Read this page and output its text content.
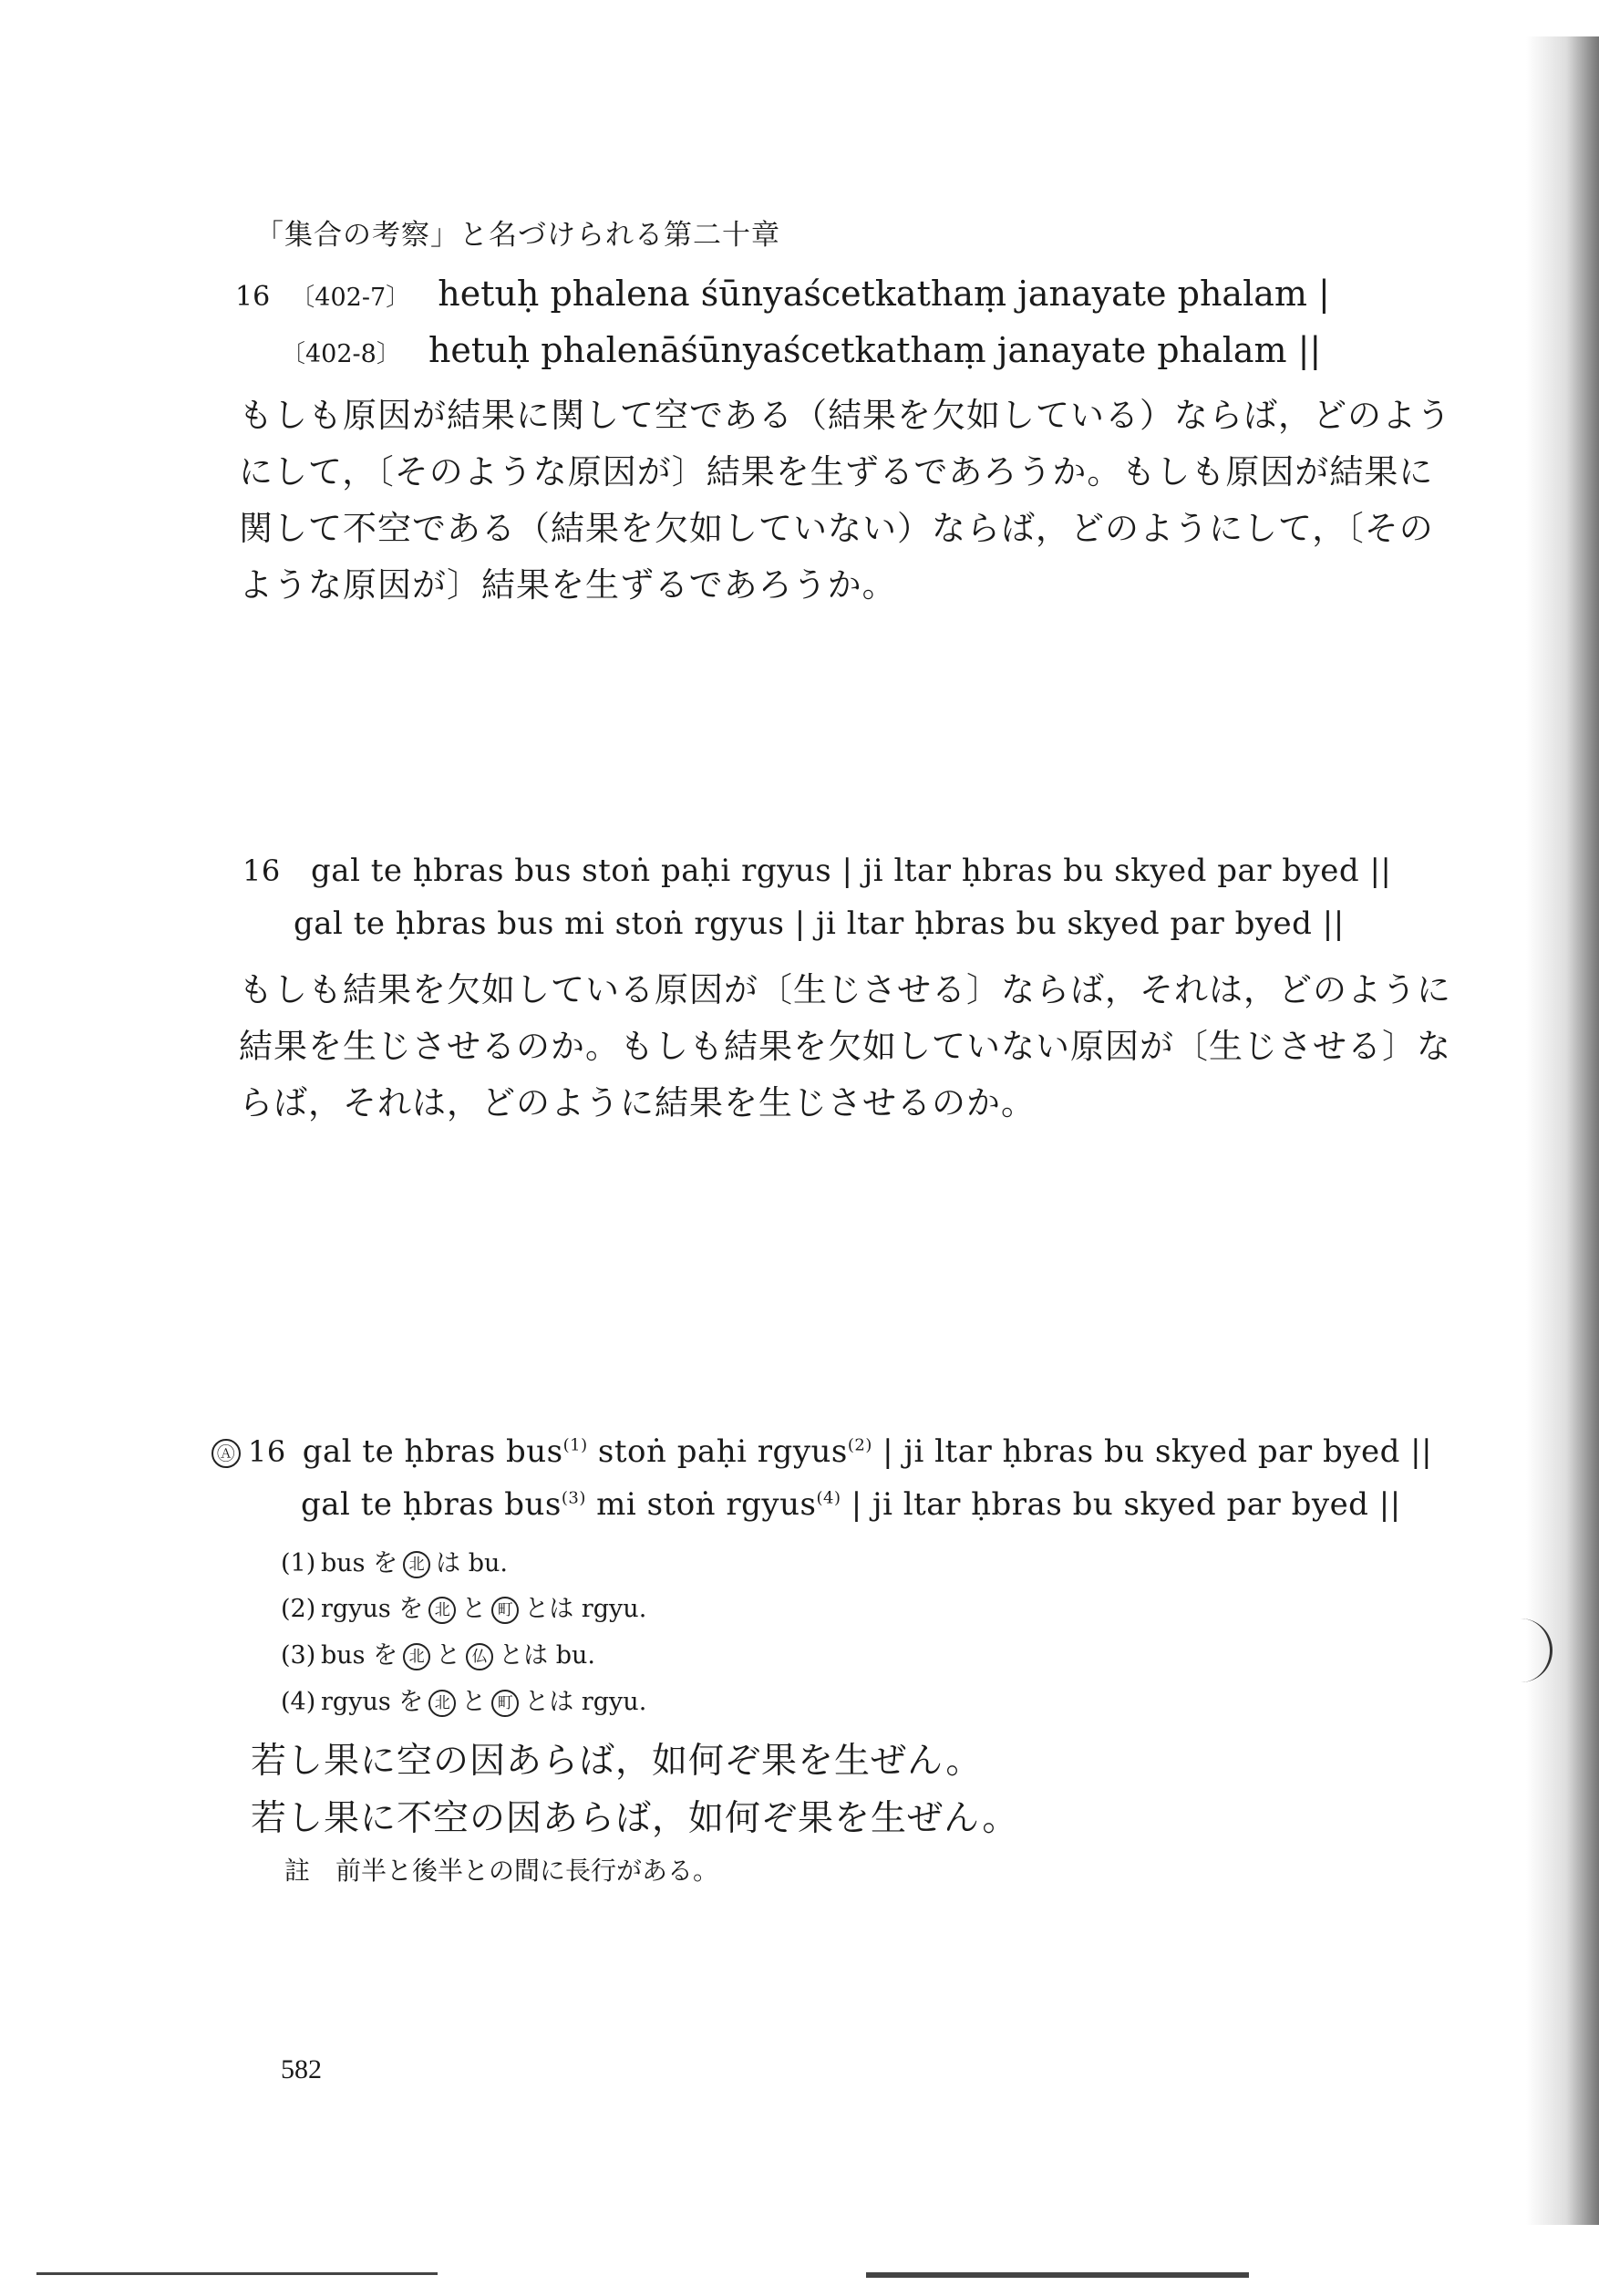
「集合の考察」と名づけられる第二十章
16 〔402-7〕 hetuḥ phalena śūnyaścetkathaṃ janayate phalam |
〔402-8〕 hetuḥ phalenāśūnyaścetkathaṃ janayate phalam ||
もしも原因が結果に関して空である（結果を欠如している）ならば，どのようにして，〔そのような原因が〕結果を生ずるであろうか。もしも原因が結果に関して不空である（結果を欠如していない）ならば，どのようにして，〔そのような原因が〕結果を生ずるであろうか。
16 gal te ḥbras bus stoṅ paḥi rgyus | ji ltar ḥbras bu skyed par byed ||
gal te ḥbras bus mi stoṅ rgyus | ji ltar ḥbras bu skyed par byed ||
もしも結果を欠如している原因が〔生じさせる〕ならば，それは，どのように結果を生じさせるのか。もしも結果を欠如していない原因が〔生じさせる〕ならば，それは，どのように結果を生じさせるのか。
Ⓐ 16 gal te ḥbras bus$^{(1)}$ stoṅ paḥi rgyus$^{(2)}$ | ji ltar ḥbras bu skyed par byed ||
gal te ḥbras bus$^{(3)}$ mi stoṅ rgyus$^{(4)}$ | ji ltar ḥbras bu skyed par byed ||
(1) bus を 北 は bu.
(2) rgyus を 北 と 町 とは rgyu.
(3) bus を 北 と 仏 とは bu.
(4) rgyus を 北 と 町 とは rgyu.
若し果に空の因あらば，如何ぞ果を生ぜん。
若し果に不空の因あらば，如何ぞ果を生ぜん。
註　前半と後半との間に長行がある。
582
